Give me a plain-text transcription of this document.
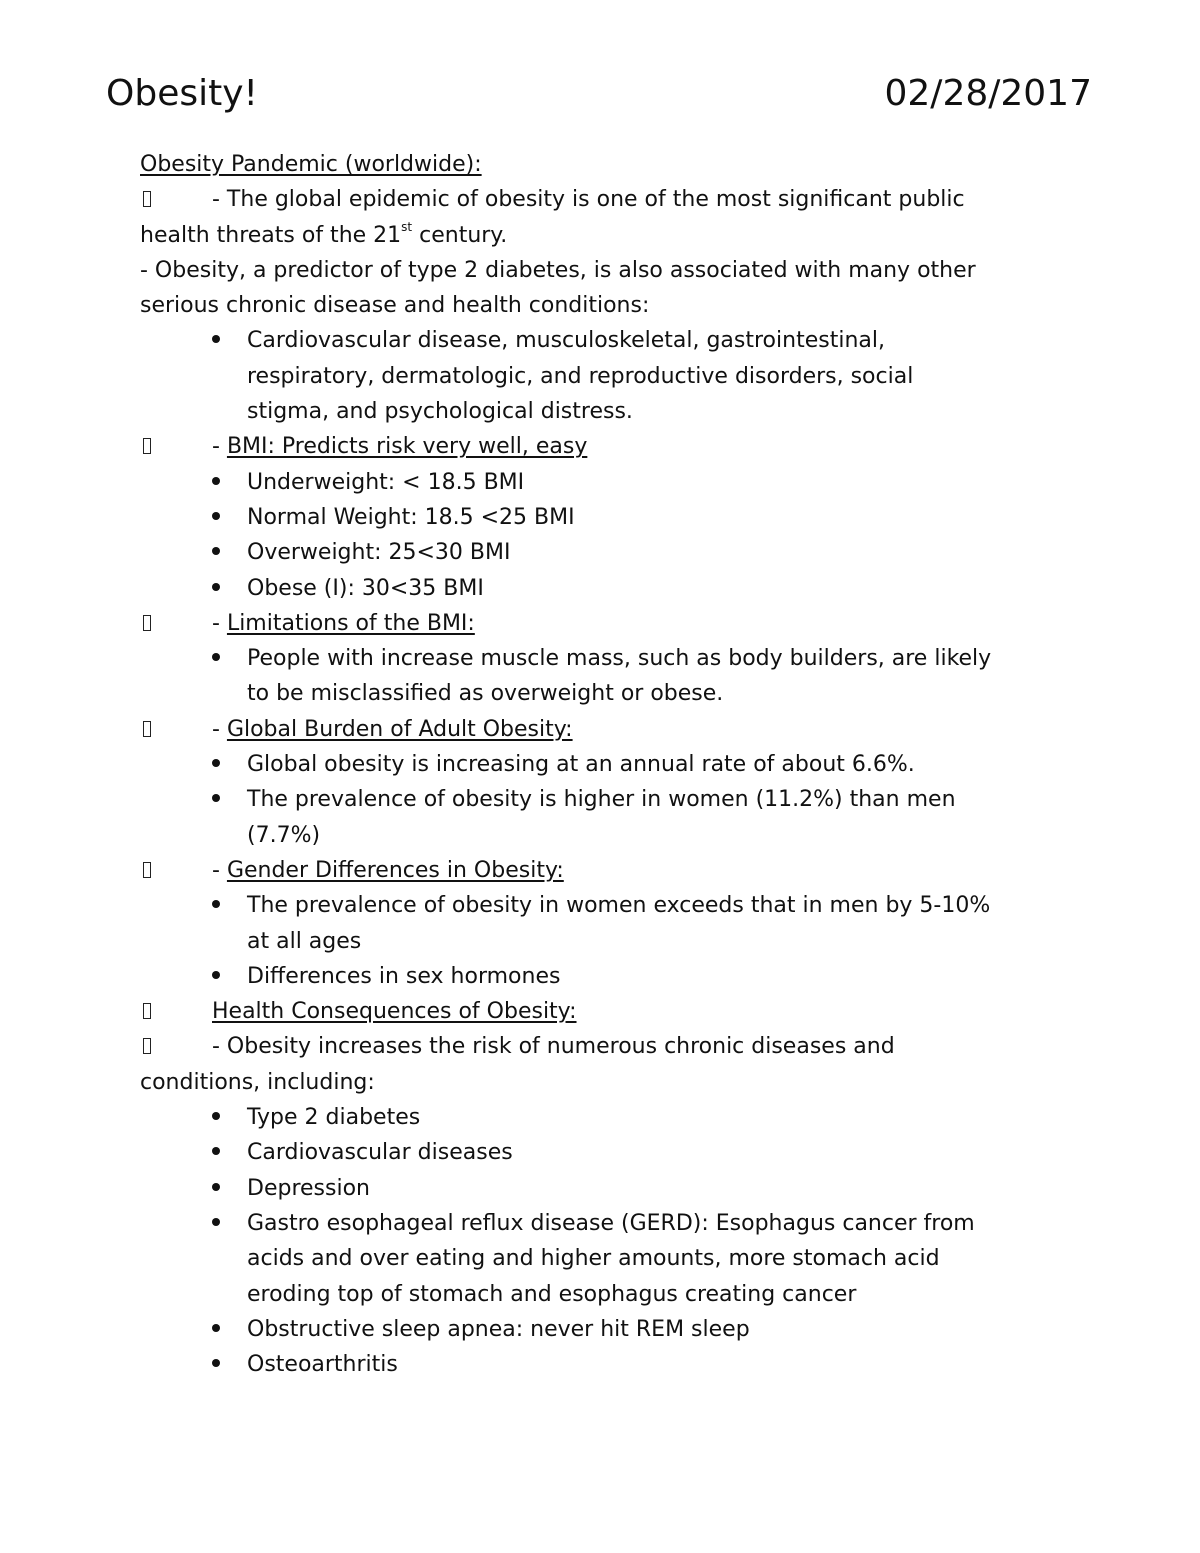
Obesity!	02/28/2017
Obesity Pandemic (worldwide):
- The global epidemic of obesity is one of the most significant public
health threats of the 21st century.
- Obesity, a predictor of type 2 diabetes, is also associated with many other
serious chronic disease and health conditions:
Cardiovascular disease, musculoskeletal, gastrointestinal,
respiratory, dermatologic, and reproductive disorders, social
stigma, and psychological distress.
- BMI: Predicts risk very well, easy
Underweight: < 18.5 BMI
Normal Weight: 18.5 <25 BMI
Overweight: 25<30 BMI
Obese (I): 30<35 BMI
- Limitations of the BMI:
People with increase muscle mass, such as body builders, are likely
to be misclassified as overweight or obese.
- Global Burden of Adult Obesity:
Global obesity is increasing at an annual rate of about 6.6%.
The prevalence of obesity is higher in women (11.2%) than men
(7.7%)
- Gender Differences in Obesity:
The prevalence of obesity in women exceeds that in men by 5-10%
at all ages
Differences in sex hormones
Health Consequences of Obesity:
- Obesity increases the risk of numerous chronic diseases and
conditions, including:
Type 2 diabetes
Cardiovascular diseases
Depression
Gastro esophageal reflux disease (GERD): Esophagus cancer from
acids and over eating and higher amounts, more stomach acid
eroding top of stomach and esophagus creating cancer
Obstructive sleep apnea: never hit REM sleep
Osteoarthritis
